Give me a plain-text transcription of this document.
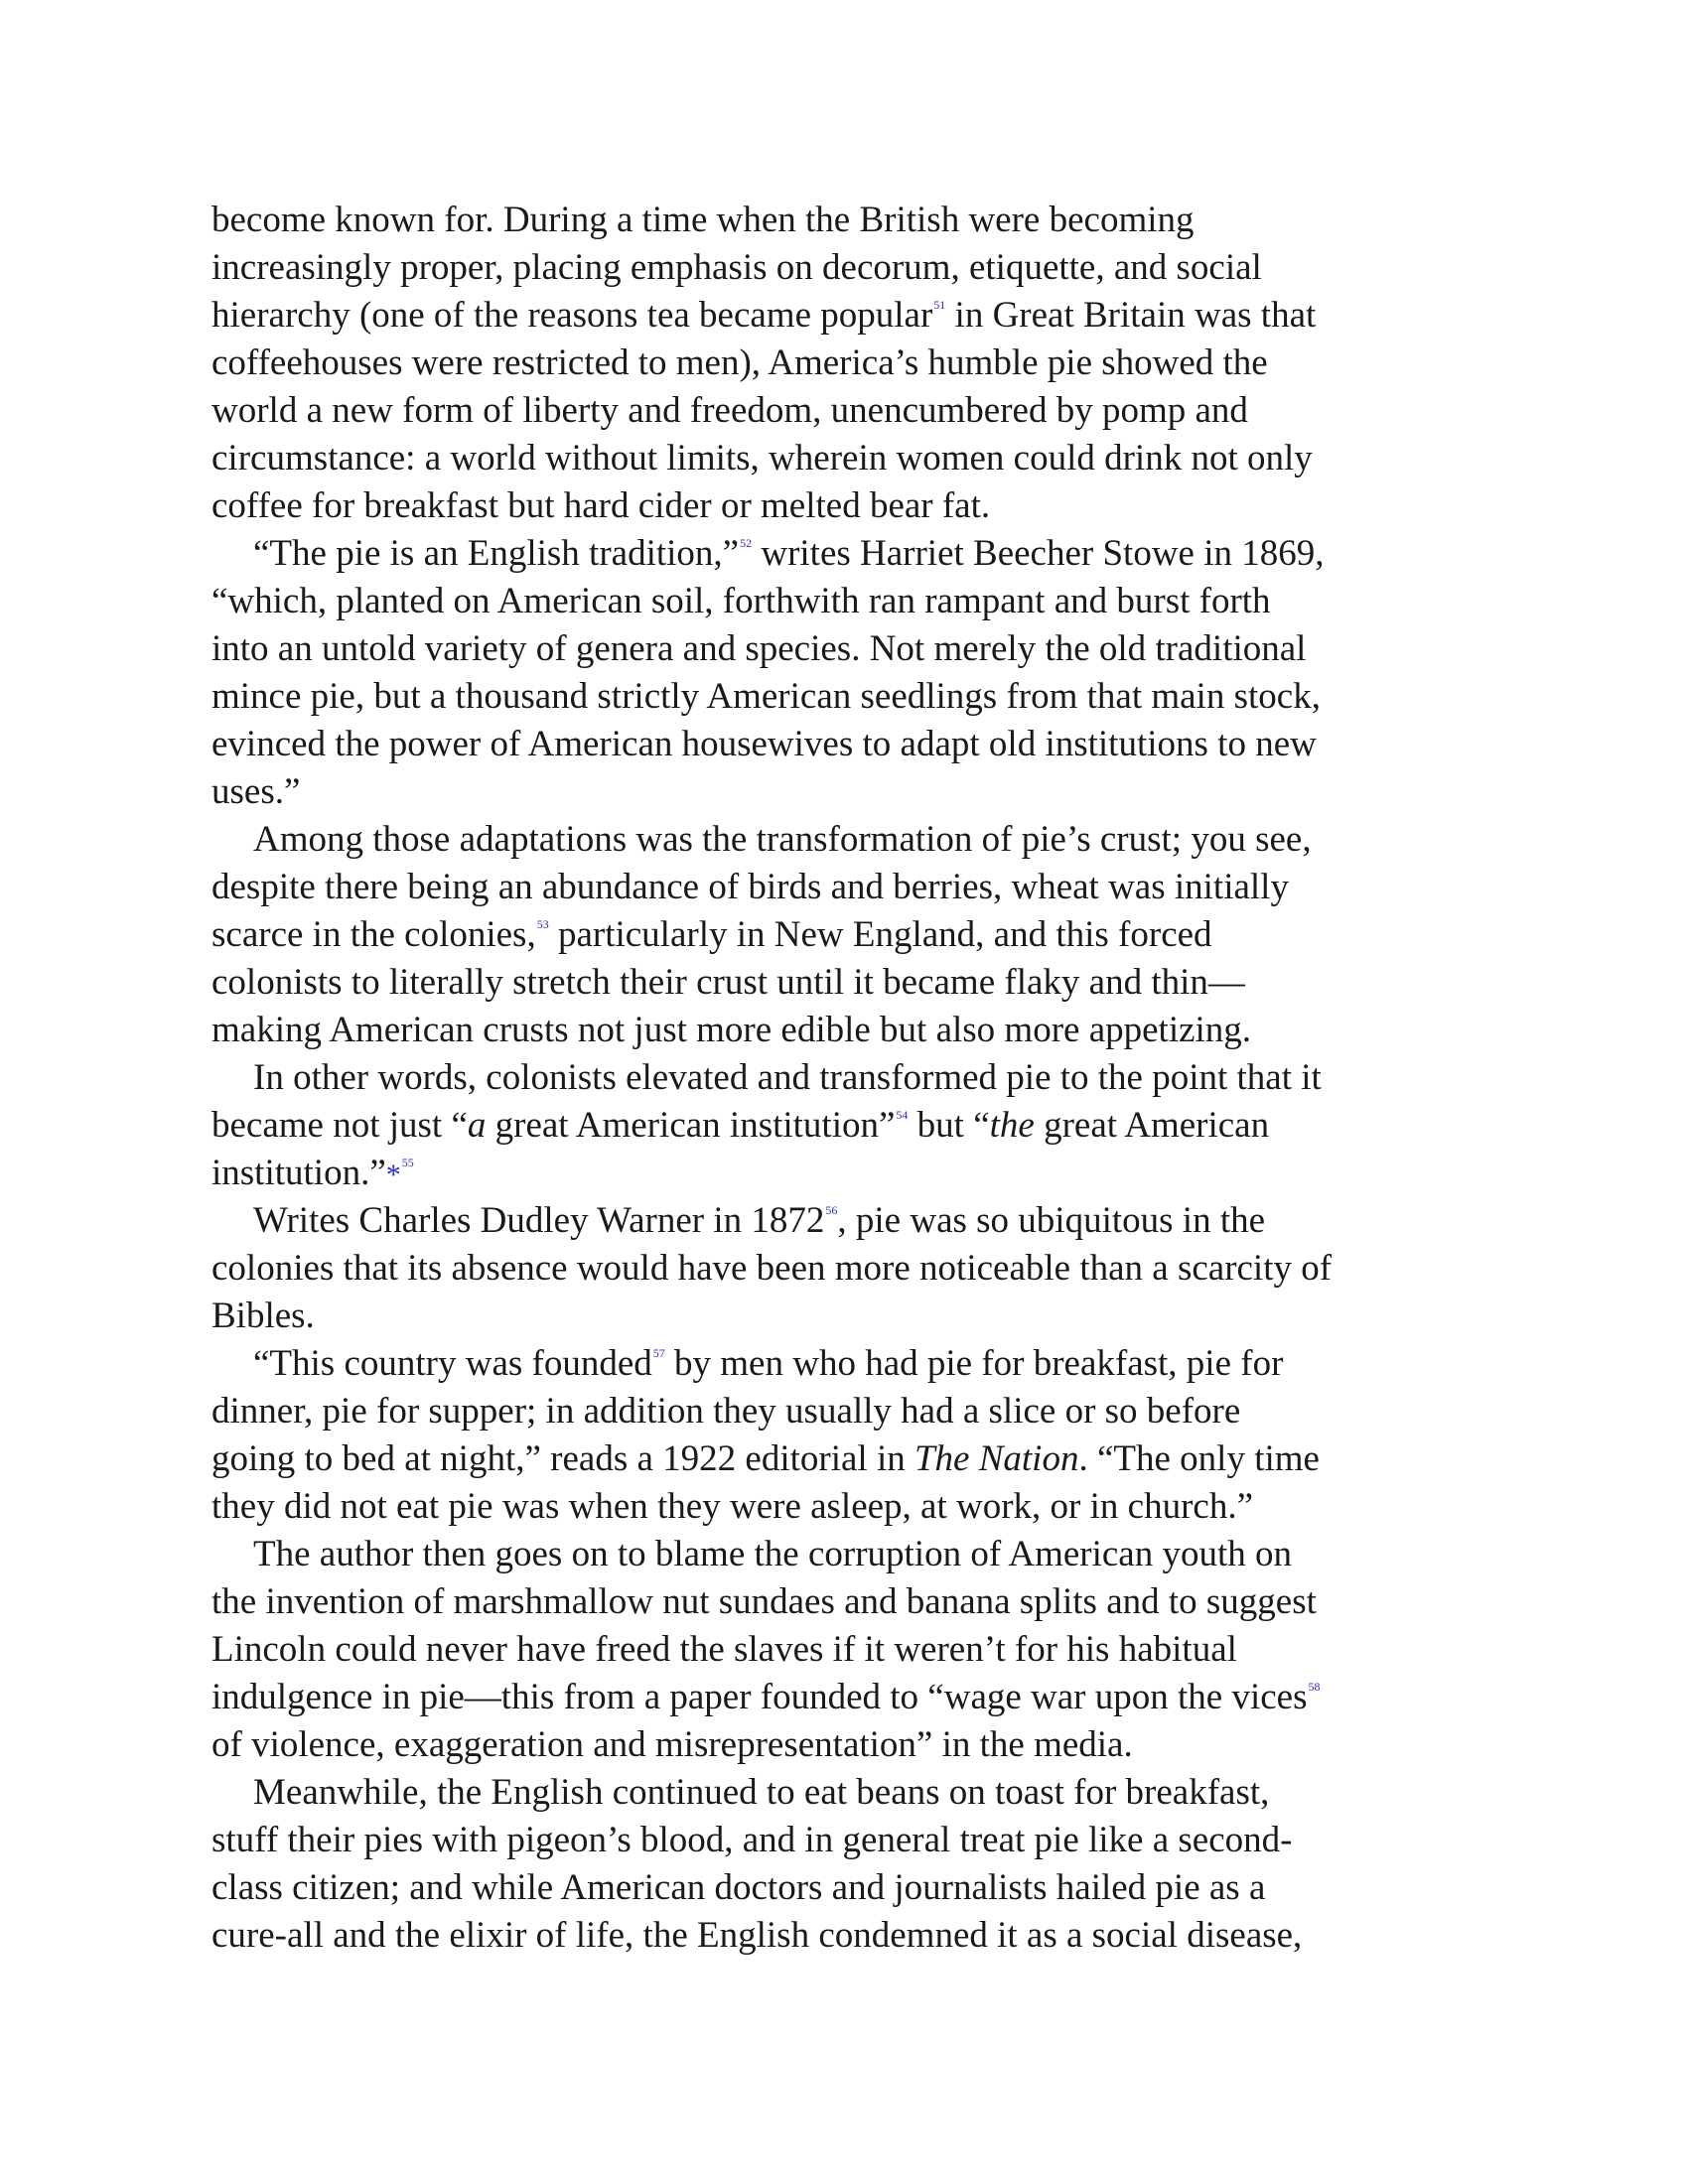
become known for. During a time when the British were becoming
increasingly proper, placing emphasis on decorum, etiquette, and social
hierarchy (one of the reasons tea became popular$^{51}$ in Great Britain was that
coffeehouses were restricted to men), America’s humble pie showed the
world a new form of liberty and freedom, unencumbered by pomp and
circumstance: a world without limits, wherein women could drink not only
coffee for breakfast but hard cider or melted bear fat.
“The pie is an English tradition,”$^{52}$ writes Harriet Beecher Stowe in 1869,
“which, planted on American soil, forthwith ran rampant and burst forth
into an untold variety of genera and species. Not merely the old traditional
mince pie, but a thousand strictly American seedlings from that main stock,
evinced the power of American housewives to adapt old institutions to new
uses.”
Among those adaptations was the transformation of pie’s crust; you see,
despite there being an abundance of birds and berries, wheat was initially
scarce in the colonies,$^{53}$ particularly in New England, and this forced
colonists to literally stretch their crust until it became flaky and thin—
making American crusts not just more edible but also more appetizing.
In other words, colonists elevated and transformed pie to the point that it
became not just “a great American institution”$^{54}$ but “the great American
institution.”*$^{55}$
Writes Charles Dudley Warner in 1872$^{56}$, pie was so ubiquitous in the
colonies that its absence would have been more noticeable than a scarcity of
Bibles.
“This country was founded$^{57}$ by men who had pie for breakfast, pie for
dinner, pie for supper; in addition they usually had a slice or so before
going to bed at night,” reads a 1922 editorial in The Nation. “The only time
they did not eat pie was when they were asleep, at work, or in church.”
The author then goes on to blame the corruption of American youth on
the invention of marshmallow nut sundaes and banana splits and to suggest
Lincoln could never have freed the slaves if it weren’t for his habitual
indulgence in pie—this from a paper founded to “wage war upon the vices$^{58}$
of violence, exaggeration and misrepresentation” in the media.
Meanwhile, the English continued to eat beans on toast for breakfast,
stuff their pies with pigeon’s blood, and in general treat pie like a second-
class citizen; and while American doctors and journalists hailed pie as a
cure-all and the elixir of life, the English condemned it as a social disease,
